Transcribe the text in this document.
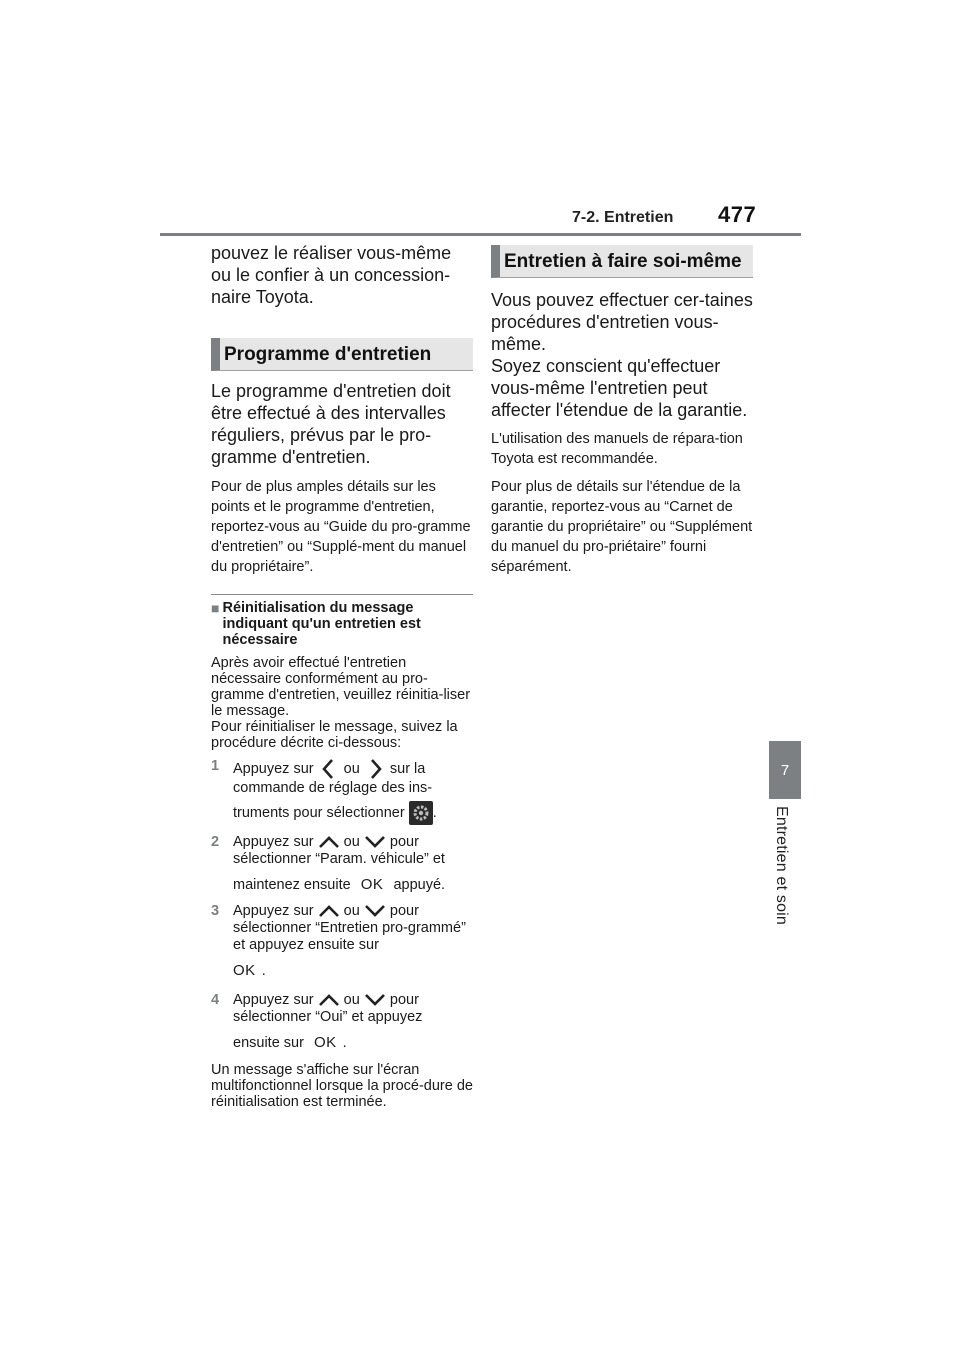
7-2. Entretien 477
7
Entretien et soin

pouvez le réaliser vous-même ou le confier à un concession-naire Toyota.

Programme d'entretien

Le programme d'entretien doit être effectué à des intervalles réguliers, prévus par le pro-gramme d'entretien.

Pour de plus amples détails sur les points et le programme d'entretien, reportez-vous au “Guide du pro-gramme d'entretien” ou “Supplé-ment du manuel du propriétaire”.

■ Réinitialisation du message indiquant qu'un entretien est nécessaire

Après avoir effectué l'entretien nécessaire conformément au pro-gramme d'entretien, veuillez réinitia-liser le message.

Pour réinitialiser le message, suivez la procédure décrite ci-dessous:

1 Appuyez sur ou sur la commande de réglage des ins-
truments pour sélectionner .
2 Appuyez sur ou pour sélectionner “Param. véhicule” et
maintenez ensuite OK appuyé.
3 Appuyez sur ou pour sélectionner “Entretien pro-grammé” et appuyez ensuite sur
OK .
4 Appuyez sur ou pour sélectionner “Oui” et appuyez
ensuite sur OK .

Un message s'affiche sur l'écran multifonctionnel lorsque la procé-dure de réinitialisation est terminée.

Entretien à faire soi-même

Vous pouvez effectuer cer-taines procédures d'entretien vous-même.

Soyez conscient qu'effectuer vous-même l'entretien peut affecter l'étendue de la garantie.

L'utilisation des manuels de répara-tion Toyota est recommandée.

Pour plus de détails sur l'étendue de la garantie, reportez-vous au “Carnet de garantie du propriétaire” ou “Supplément du manuel du pro-priétaire” fourni séparément.
